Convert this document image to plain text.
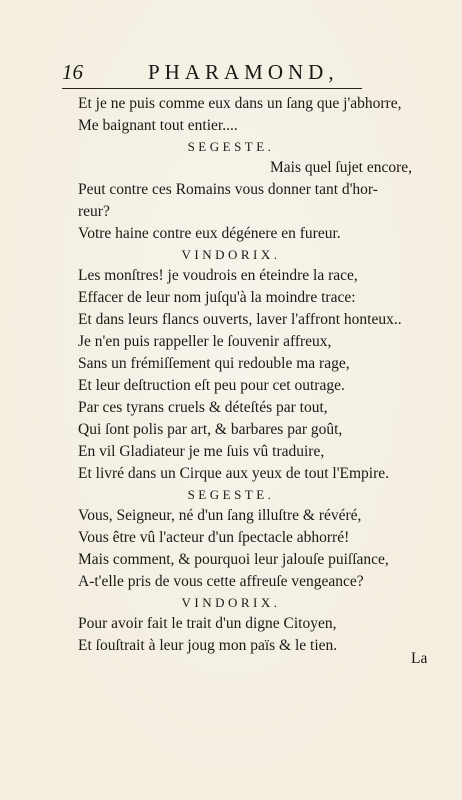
16	PHARAMOND,
Et je ne puis comme eux dans un ſang que j'abhorre,
Me baignant tout entier....
SEGESTE.
Mais quel ſujet encore,
Peut contre ces Romains vous donner tant d'hor-
reur?
Votre haine contre eux dégénere en fureur.
VINDORIX.
Les monſtres! je voudrois en éteindre la race,
Effacer de leur nom juſqu'à la moindre trace:
Et dans leurs flancs ouverts, laver l'affront honteux..
Je n'en puis rappeller le ſouvenir affreux,
Sans un frémiſſement qui redouble ma rage,
Et leur deſtruction eſt peu pour cet outrage.
Par ces tyrans cruels & déteſtés par tout,
Qui ſont polis par art, & barbares par goût,
En vil Gladiateur je me ſuis vû traduire,
Et livré dans un Cirque aux yeux de tout l'Empire.
SEGESTE.
Vous, Seigneur, né d'un ſang illuſtre & révéré,
Vous être vû l'acteur d'un ſpectacle abhorré!
Mais comment, & pourquoi leur jalouſe puiſſance,
A-t'elle pris de vous cette affreuſe vengeance?
VINDORIX.
Pour avoir fait le trait d'un digne Citoyen,
Et ſouſtrait à leur joug mon païs & le tien.
La
